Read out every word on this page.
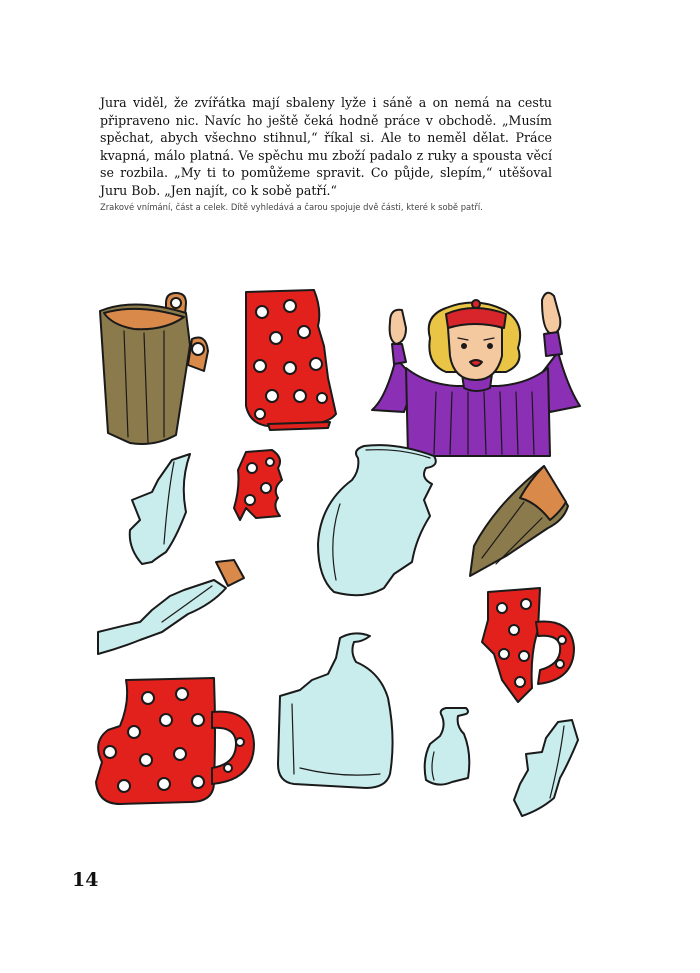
Jura viděl, že zvířátka mají sbaleny lyže i sáně a on nemá na cestu připraveno nic. Navíc ho ještě čeká hodně práce v obchodě. „Musím spěchat, abych všechno stihnul,“ říkal si. Ale to neměl dělat. Práce kvapná, málo platná. Ve spěchu mu zboží padalo z ruky a spousta věcí se rozbila. „My ti to pomůžeme spravit. Co půjde, slepím,“ utěšoval Juru Bob. „Jen najít, co k sobě patří.“

Zrakové vnímání, část a celek. Dítě vyhledává a čarou spojuje dvě části, které k sobě patří.

14
